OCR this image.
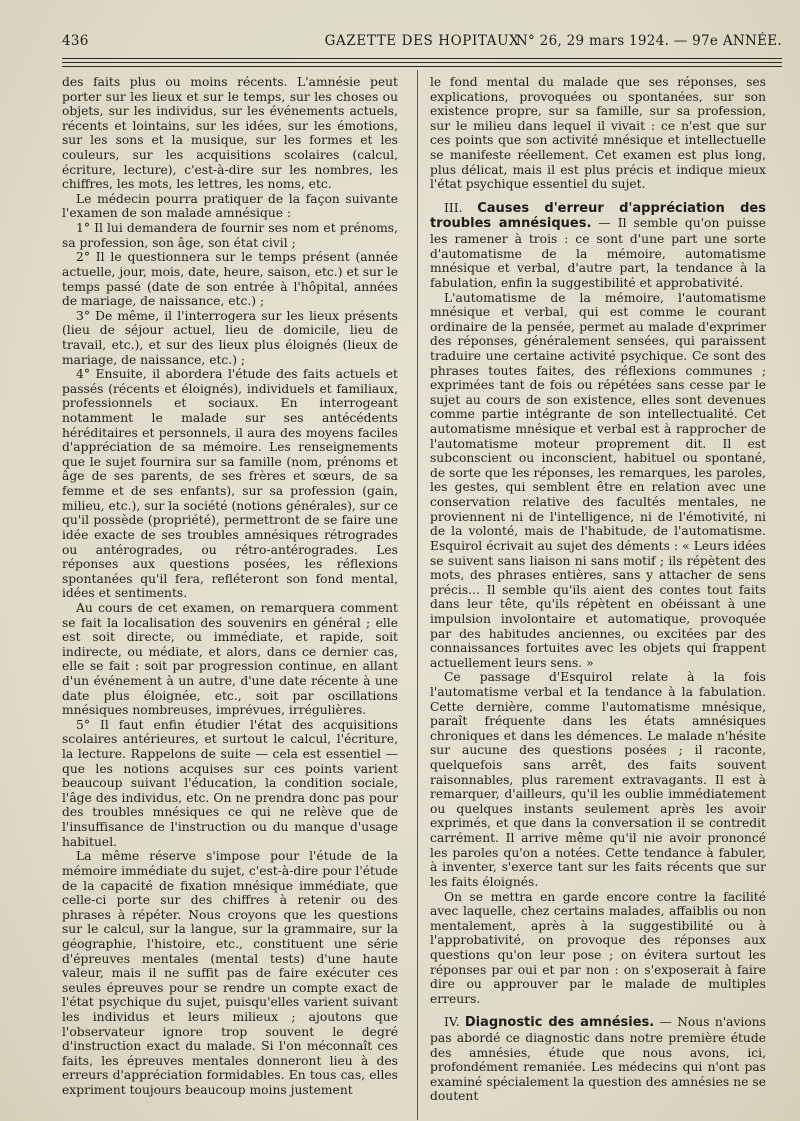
436	GAZETTE DES HOPITAUX
N° 26, 29 mars 1924. — 97e ANNÉE.

des faits plus ou moins récents. L'amnésie peut porter sur les lieux et sur le temps, sur les choses ou objets, sur les individus, sur les événements actuels, récents et lointains, sur les idées, sur les émotions, sur les sons et la musique, sur les formes et les couleurs, sur les acquisitions scolaires (calcul, écriture, lecture), c'est-à-dire sur les nombres, les chiffres, les mots, les lettres, les noms, etc.

Le médecin pourra pratiquer de la façon suivante l'examen de son malade amnésique :

1° Il lui demandera de fournir ses nom et prénoms, sa profession, son âge, son état civil ;

2° Il le questionnera sur le temps présent (année actuelle, jour, mois, date, heure, saison, etc.) et sur le temps passé (date de son entrée à l'hôpital, années de mariage, de naissance, etc.) ;

3° De même, il l'interrogera sur les lieux présents (lieu de séjour actuel, lieu de domicile, lieu de travail, etc.), et sur des lieux plus éloignés (lieux de mariage, de naissance, etc.) ;

4° Ensuite, il abordera l'étude des faits actuels et passés (récents et éloignés), individuels et familiaux, professionnels et sociaux. En interrogeant notamment le malade sur ses antécédents héréditaires et personnels, il aura des moyens faciles d'appréciation de sa mémoire. Les renseignements que le sujet fournira sur sa famille (nom, prénoms et âge de ses parents, de ses frères et sœurs, de sa femme et de ses enfants), sur sa profession (gain, milieu, etc.), sur la société (notions générales), sur ce qu'il possède (propriété), permettront de se faire une idée exacte de ses troubles amnésiques rétrogrades ou antérogrades, ou rétro-antérogrades. Les réponses aux questions posées, les réflexions spontanées qu'il fera, refléteront son fond mental, idées et sentiments.

Au cours de cet examen, on remarquera comment se fait la localisation des souvenirs en général ; elle est soit directe, ou immédiate, et rapide, soit indirecte, ou médiate, et alors, dans ce dernier cas, elle se fait : soit par progression continue, en allant d'un événement à un autre, d'une date récente à une date plus éloignée, etc., soit par oscillations mnésiques nombreuses, imprévues, irrégulières.

5° Il faut enfin étudier l'état des acquisitions scolaires antérieures, et surtout le calcul, l'écriture, la lecture. Rappelons de suite — cela est essentiel — que les notions acquises sur ces points varient beaucoup suivant l'éducation, la condition sociale, l'âge des individus, etc. On ne prendra donc pas pour des troubles mnésiques ce qui ne relève que de l'insuffisance de l'instruction ou du manque d'usage habituel.

La même réserve s'impose pour l'étude de la mémoire immédiate du sujet, c'est-à-dire pour l'étude de la capacité de fixation mnésique immédiate, que celle-ci porte sur des chiffres à retenir ou des phrases à répéter. Nous croyons que les questions sur le calcul, sur la langue, sur la grammaire, sur la géographie, l'histoire, etc., constituent une série d'épreuves mentales (mental tests) d'une haute valeur, mais il ne suffit pas de faire exécuter ces seules épreuves pour se rendre un compte exact de l'état psychique du sujet, puisqu'elles varient suivant les individus et leurs milieux ; ajoutons que l'observateur ignore trop souvent le degré d'instruction exact du malade. Si l'on méconnaît ces faits, les épreuves mentales donneront lieu à des erreurs d'appréciation formidables. En tous cas, elles expriment toujours beaucoup moins justement

le fond mental du malade que ses réponses, ses explications, provoquées ou spontanées, sur son existence propre, sur sa famille, sur sa profession, sur le milieu dans lequel il vivait : ce n'est que sur ces points que son activité mnésique et intellectuelle se manifeste réellement. Cet examen est plus long, plus délicat, mais il est plus précis et indique mieux l'état psychique essentiel du sujet.

III. Causes d'erreur d'appréciation des troubles amnésiques. — Il semble qu'on puisse les ramener à trois : ce sont d'une part une sorte d'automatisme de la mémoire, automatisme mnésique et verbal, d'autre part, la tendance à la fabulation, enfin la suggestibilité et approbativité.

L'automatisme de la mémoire, l'automatisme mnésique et verbal, qui est comme le courant ordinaire de la pensée, permet au malade d'exprimer des réponses, généralement sensées, qui paraissent traduire une certaine activité psychique. Ce sont des phrases toutes faites, des réflexions communes ; exprimées tant de fois ou répétées sans cesse par le sujet au cours de son existence, elles sont devenues comme partie intégrante de son intellectualité. Cet automatisme mnésique et verbal est à rapprocher de l'automatisme moteur proprement dit. Il est subconscient ou inconscient, habituel ou spontané, de sorte que les réponses, les remarques, les paroles, les gestes, qui semblent être en relation avec une conservation relative des facultés mentales, ne proviennent ni de l'intelligence, ni de l'émotivité, ni de la volonté, mais de l'habitude, de l'automatisme. Esquirol écrivait au sujet des déments : « Leurs idées se suivent sans liaison ni sans motif ; ils répètent des mots, des phrases entières, sans y attacher de sens précis... Il semble qu'ils aient des contes tout faits dans leur tête, qu'ils répètent en obéissant à une impulsion involontaire et automatique, provoquée par des habitudes anciennes, ou excitées par des connaissances fortuites avec les objets qui frappent actuellement leurs sens. »

Ce passage d'Esquirol relate à la fois l'automatisme verbal et la tendance à la fabulation. Cette dernière, comme l'automatisme mnésique, paraît fréquente dans les états amnésiques chroniques et dans les démences. Le malade n'hésite sur aucune des questions posées ; il raconte, quelquefois sans arrêt, des faits souvent raisonnables, plus rarement extravagants. Il est à remarquer, d'ailleurs, qu'il les oublie immédiatement ou quelques instants seulement après les avoir exprimés, et que dans la conversation il se contredit carrément. Il arrive même qu'il nie avoir prononcé les paroles qu'on a notées. Cette tendance à fabuler, à inventer, s'exerce tant sur les faits récents que sur les faits éloignés.

On se mettra en garde encore contre la facilité avec laquelle, chez certains malades, affaiblis ou non mentalement, après à la suggestibilité ou à l'approbativité, on provoque des réponses aux questions qu'on leur pose ; on évitera surtout les réponses par oui et par non : on s'exposerait à faire dire ou approuver par le malade de multiples erreurs.

IV. Diagnostic des amnésies. — Nous n'avions pas abordé ce diagnostic dans notre première étude des amnésies, étude que nous avons, ici, profondément remaniée. Les médecins qui n'ont pas examiné spécialement la question des amnésies ne se doutent
